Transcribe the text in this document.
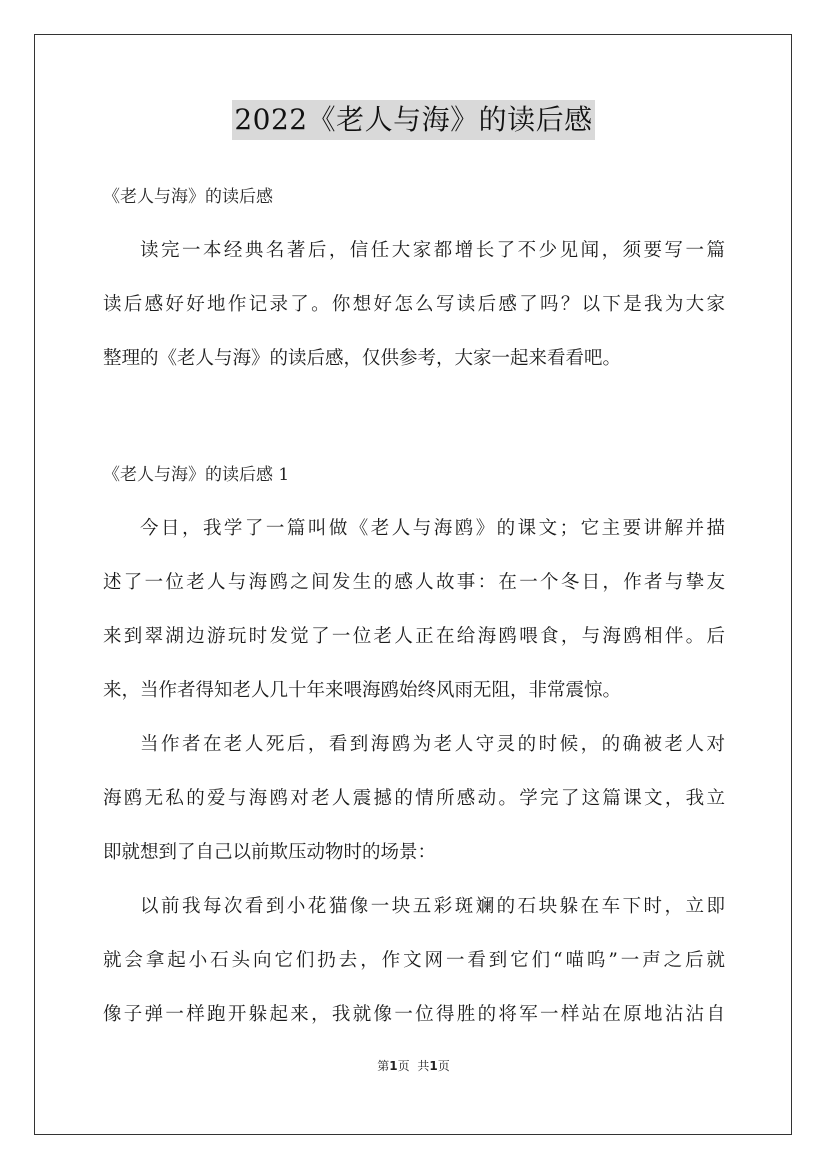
2022《老人与海》的读后感
《老人与海》的读后感
读完一本经典名著后，信任大家都增长了不少见闻，须要写一篇
读后感好好地作记录了。你想好怎么写读后感了吗？以下是我为大家
整理的《老人与海》的读后感，仅供参考，大家一起来看看吧。
《老人与海》的读后感 1
今日，我学了一篇叫做《老人与海鸥》的课文；它主要讲解并描
述了一位老人与海鸥之间发生的感人故事：在一个冬日，作者与挚友
来到翠湖边游玩时发觉了一位老人正在给海鸥喂食，与海鸥相伴。后
来，当作者得知老人几十年来喂海鸥始终风雨无阻，非常震惊。
当作者在老人死后，看到海鸥为老人守灵的时候，的确被老人对
海鸥无私的爱与海鸥对老人震撼的情所感动。学完了这篇课文，我立
即就想到了自己以前欺压动物时的场景：
以前我每次看到小花猫像一块五彩斑斓的石块躲在车下时，立即
就会拿起小石头向它们扔去，作文网一看到它们“喵呜”一声之后就
像子弹一样跑开躲起来，我就像一位得胜的将军一样站在原地沾沾自
第1页 共1页
